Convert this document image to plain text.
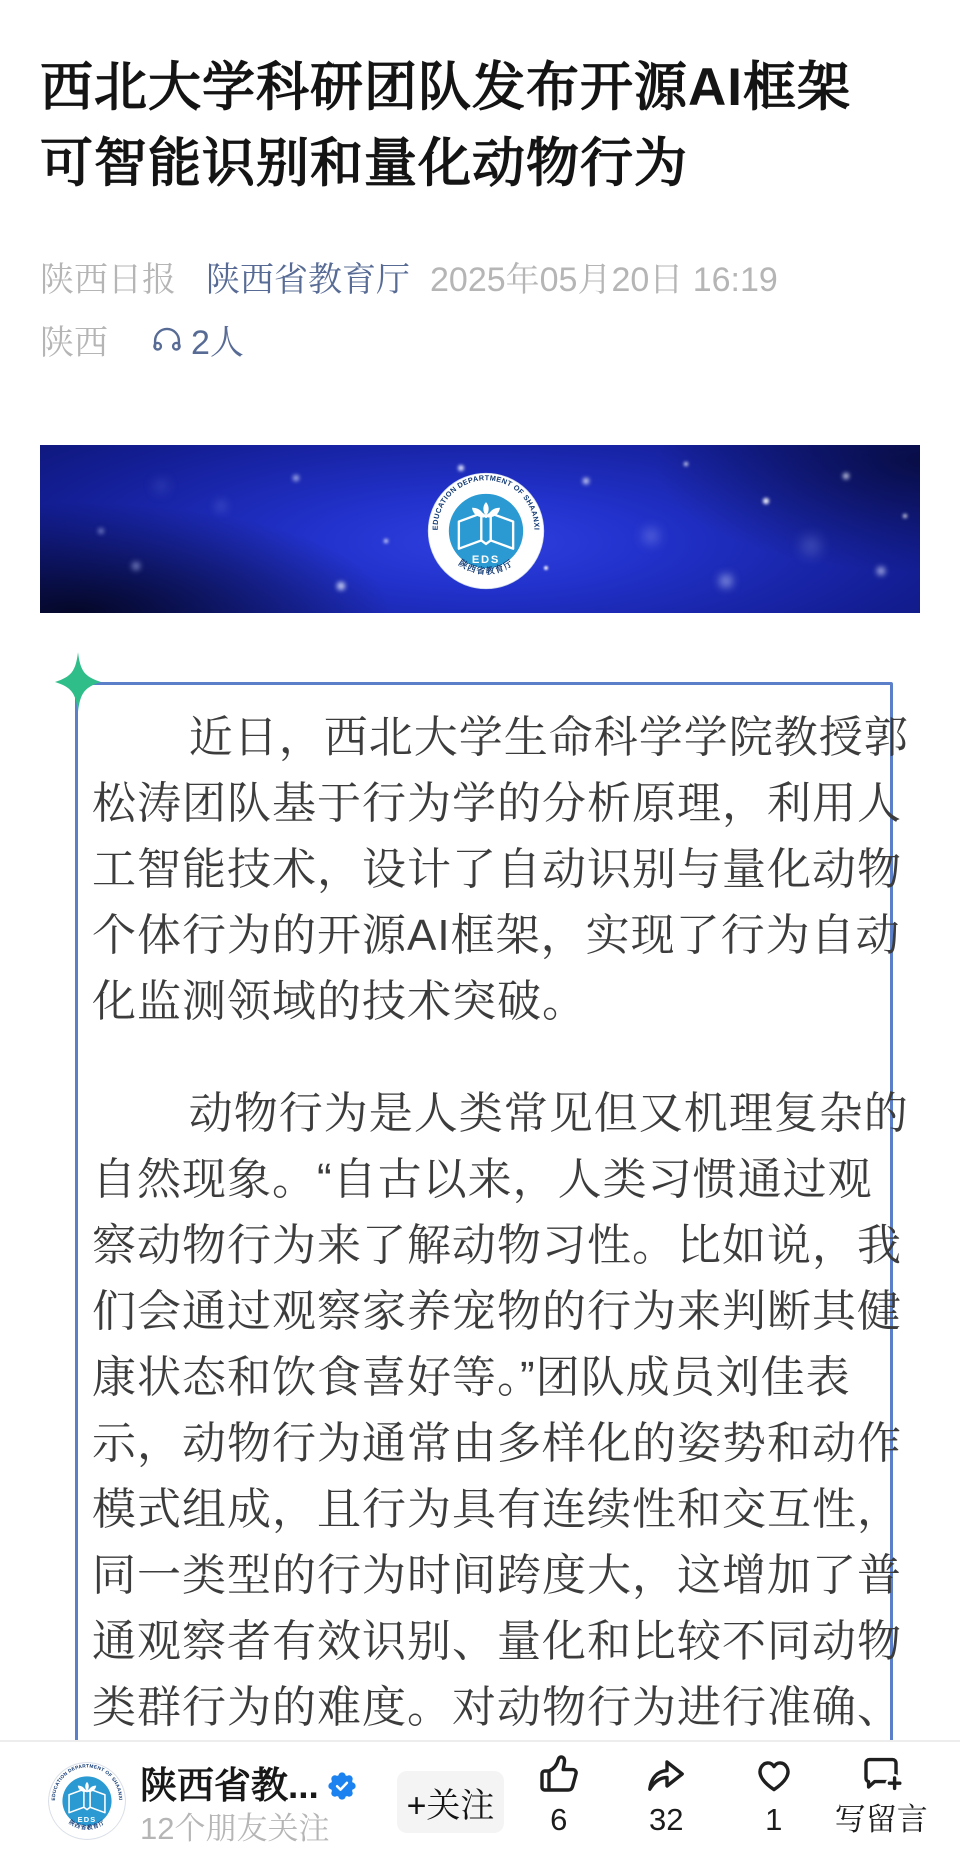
西北大学科研团队发布开源AI框架
可智能识别和量化动物行为
陕西日报 陕西省教育厅 2025年05月20日 16:19
陕西 2人
近日，西北大学生命科学学院教授郭
松涛团队基于行为学的分析原理，利用人
工智能技术，设计了自动识别与量化动物
个体行为的开源AI框架，实现了行为自动
化监测领域的技术突破。
动物行为是人类常见但又机理复杂的
自然现象。“自古以来，人类习惯通过观
察动物行为来了解动物习性。比如说，我
们会通过观察家养宠物的行为来判断其健
康状态和饮食喜好等。”团队成员刘佳表
示，动物行为通常由多样化的姿势和动作
模式组成，且行为具有连续性和交互性，
同一类型的行为时间跨度大，这增加了普
通观察者有效识别、量化和比较不同动物
类群行为的难度。对动物行为进行准确、
陕西省教...
12个朋友关注
+关注	6	32	1 写留言
